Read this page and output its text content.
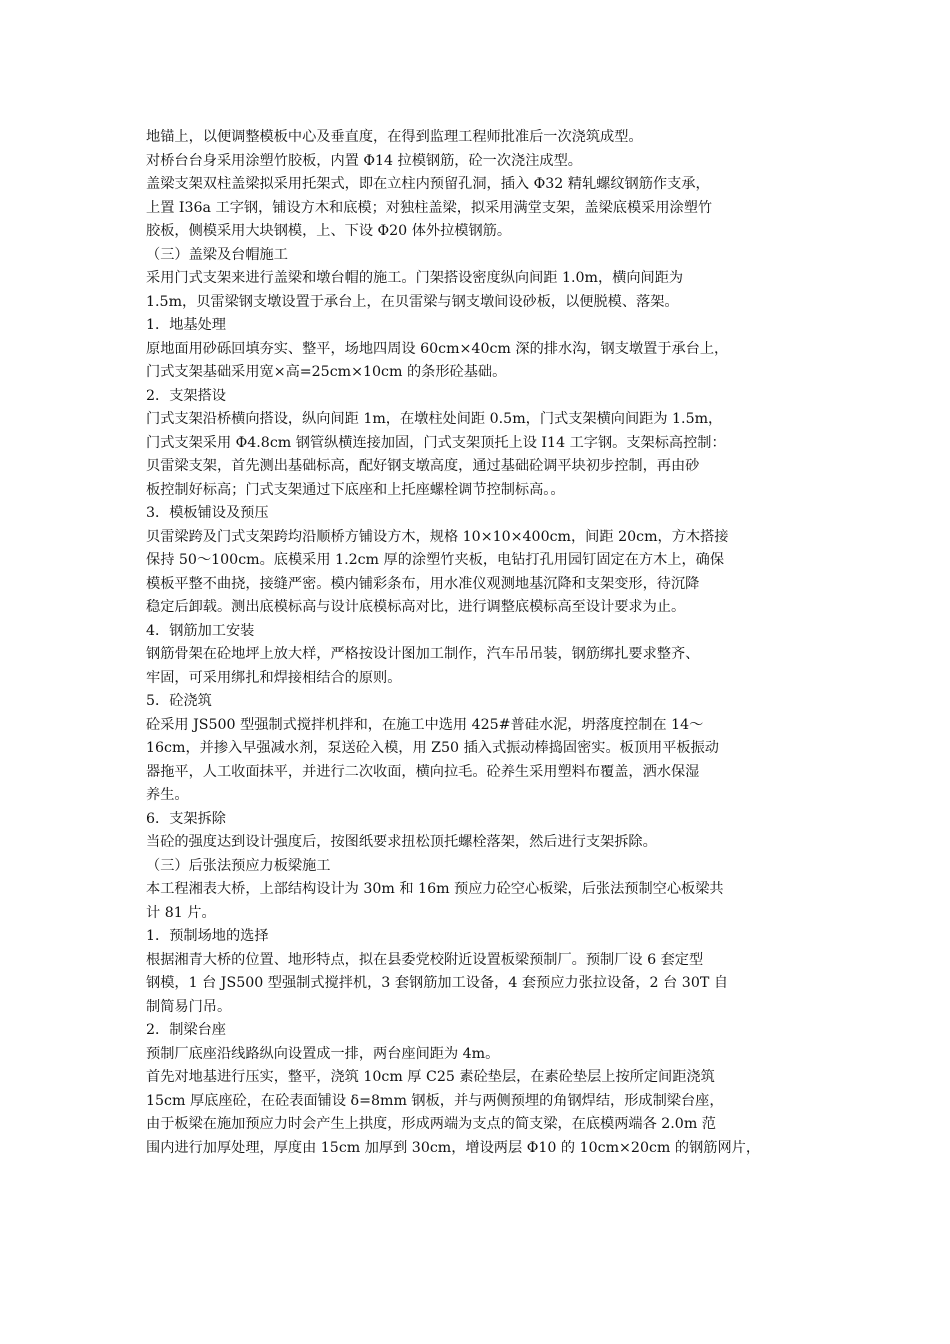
地锚上，以便调整模板中心及垂直度，在得到监理工程师批准后一次浇筑成型。
对桥台台身采用涂塑竹胶板，内置 Φ14 拉模钢筋，砼一次浇注成型。
盖梁支架双柱盖梁拟采用托架式，即在立柱内预留孔洞，插入 Φ32 精轧螺纹钢筋作支承，
上置 I36a 工字钢，铺设方木和底模；对独柱盖梁，拟采用满堂支架，盖梁底模采用涂塑竹
胶板，侧模采用大块钢模，上、下设 Φ20 体外拉模钢筋。
（三）盖梁及台帽施工
采用门式支架来进行盖梁和墩台帽的施工。门架搭设密度纵向间距 1.0m，横向间距为
1.5m，贝雷梁钢支墩设置于承台上，在贝雷梁与钢支墩间设砂板，以便脱模、落架。
1．地基处理
原地面用砂砾回填夯实、整平，场地四周设 60cm×40cm 深的排水沟，钢支墩置于承台上，
门式支架基础采用宽×高=25cm×10cm 的条形砼基础。
2．支架搭设
门式支架沿桥横向搭设，纵向间距 1m，在墩柱处间距 0.5m，门式支架横向间距为 1.5m，
门式支架采用 Φ4.8cm 钢管纵横连接加固，门式支架顶托上设 I14 工字钢。支架标高控制：
贝雷梁支架，首先测出基础标高，配好钢支墩高度，通过基础砼调平块初步控制，再由砂
板控制好标高；门式支架通过下底座和上托座螺栓调节控制标高。。
3．模板铺设及预压
贝雷梁跨及门式支架跨均沿顺桥方铺设方木，规格 10×10×400cm，间距 20cm，方木搭接
保持 50～100cm。底模采用 1.2cm 厚的涂塑竹夹板，电钻打孔用园钉固定在方木上，确保
模板平整不曲挠，接缝严密。模内铺彩条布，用水准仪观测地基沉降和支架变形，待沉降
稳定后卸载。测出底模标高与设计底模标高对比，进行调整底模标高至设计要求为止。
4．钢筋加工安装
钢筋骨架在砼地坪上放大样，严格按设计图加工制作，汽车吊吊装，钢筋绑扎要求整齐、
牢固，可采用绑扎和焊接相结合的原则。
5．砼浇筑
砼采用 JS500 型强制式搅拌机拌和，在施工中选用 425#普硅水泥，坍落度控制在 14～
16cm，并掺入早强减水剂，泵送砼入模，用 Z50 插入式振动棒捣固密实。板顶用平板振动
器拖平，人工收面抹平，并进行二次收面，横向拉毛。砼养生采用塑料布覆盖，洒水保湿
养生。
6．支架拆除
当砼的强度达到设计强度后，按图纸要求扭松顶托螺栓落架，然后进行支架拆除。
（三）后张法预应力板梁施工
本工程湘表大桥，上部结构设计为 30m 和 16m 预应力砼空心板梁，后张法预制空心板梁共
计 81 片。
1．预制场地的选择
根据湘青大桥的位置、地形特点，拟在县委党校附近设置板梁预制厂。预制厂设 6 套定型
钢模，1 台 JS500 型强制式搅拌机，3 套钢筋加工设备，4 套预应力张拉设备，2 台 30T 自
制简易门吊。
2．制梁台座
预制厂底座沿线路纵向设置成一排，两台座间距为 4m。
首先对地基进行压实，整平，浇筑 10cm 厚 C25 素砼垫层，在素砼垫层上按所定间距浇筑
15cm 厚底座砼，在砼表面铺设 δ=8mm 钢板，并与两侧预埋的角钢焊结，形成制梁台座，
由于板梁在施加预应力时会产生上拱度，形成两端为支点的简支梁，在底模两端各 2.0m 范
围内进行加厚处理，厚度由 15cm 加厚到 30cm，增设两层 Φ10 的 10cm×20cm 的钢筋网片，
